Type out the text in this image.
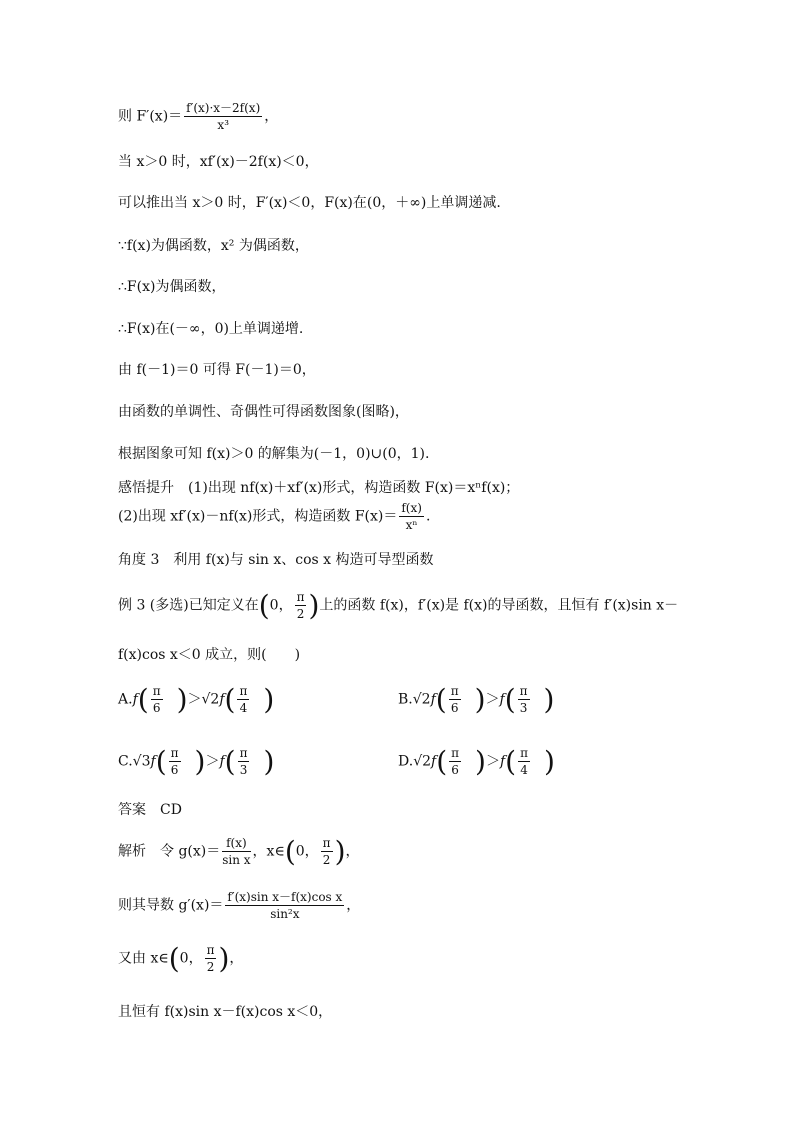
则 $F'(x)= \frac{f'(x)\cdot x-2f(x)}{\text{x³}}$ ，
当 x＞0 时，xf′(x)－2f(x)＜0，
可以推出当 x＞0 时，F′(x)＜0，F(x)在(0，＋∞)上单调递减.
∵f(x)为偶函数，x² 为偶函数，
∴F(x)为偶函数，
∴F(x)在(－∞，0)上单调递增.
由 f(－1)＝0 可得 F(－1)＝0，
由函数的单调性、奇偶性可得函数图象(图略)，
根据图象可知 f(x)＞0 的解集为(－1，0)∪(0，1).
感悟提升　(1)出现 nf(x)＋xf′(x)形式，构造函数 F(x)＝xⁿf(x)；
(2)出现 xf′(x)－nf(x)形式，构造函数 $F(x)= \frac{f(x)}{\text{xⁿ}}$ .
角度 3　利用 f(x)与 sin x、cos x 构造可导型函数
例 3 (多选)已知定义在(0， $\frac{\pi}{2}$ )上的函数 f(x)，f′(x)是 f(x)的导函数，且恒有 f′(x)sin x－
f(x)cos x＜0 成立，则(　　)
$A.f( \frac{\pi}{6} )>√2f( \frac{\pi}{4}$ )	$B.√2f( \frac{\pi}{6} )>f( \frac{\pi}{3}$ )
$C.√3f( \frac{\pi}{6} )>f( \frac{\pi}{3}$ )	$D.√2f( \frac{\pi}{6} )>f( \frac{\pi}{4}$ )
答案　CD
解析　令 $g(x)= \frac{f(x)}{\text{sin x}}$ ，x∈(0， $\frac{\pi}{2}$ )，
则其导数 $g'(x)= \frac{\text{f′(x)sin x－f(x)cos x}}{\text{sin²x}}$ ，
又由 x∈(0， $\frac{\pi}{2}$ )，
且恒有 f(x)sin x－f(x)cos x＜0，
